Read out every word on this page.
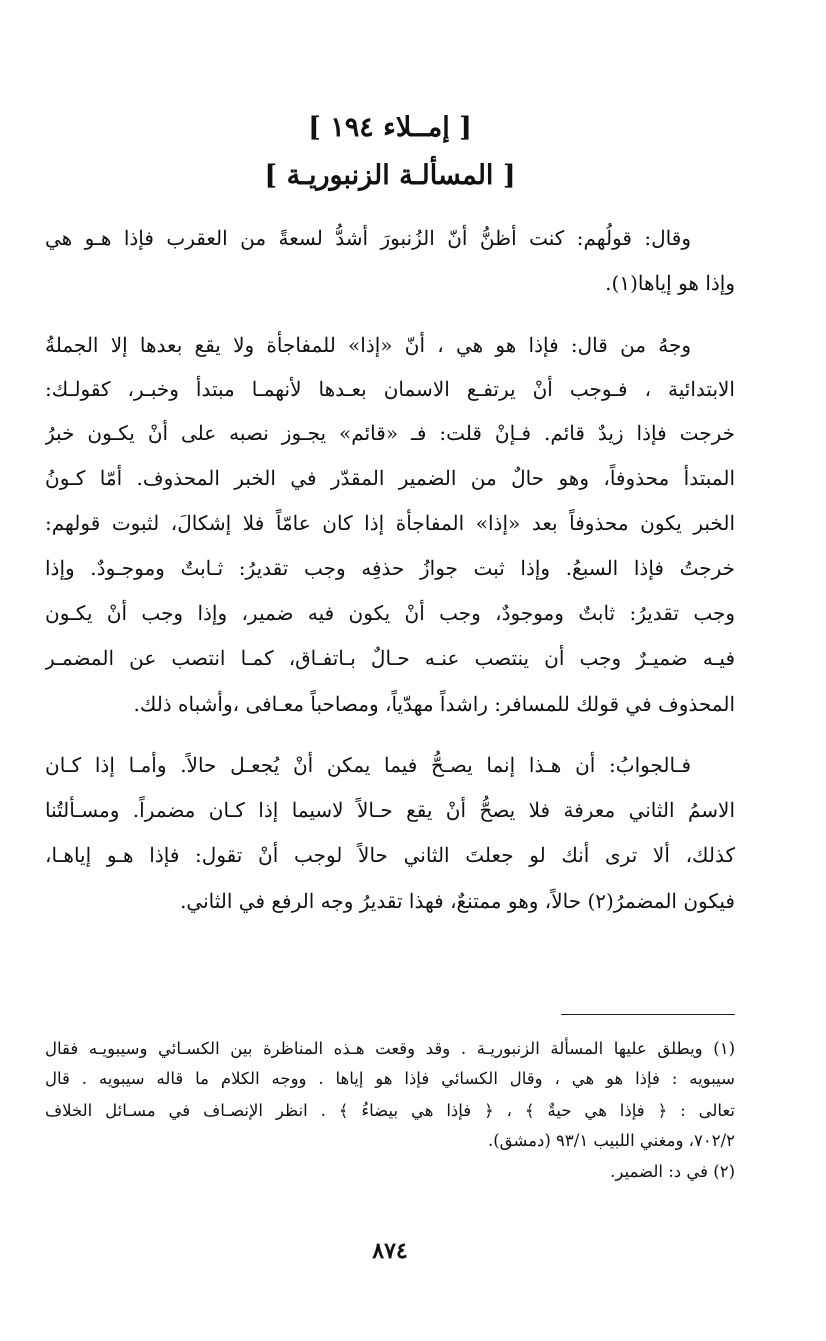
[ إمــلاء ١٩٤ ]
[ المسألـة الزنبوريـة ]
وقال: قولُهم: كنت أظنُّ أنّ الزُنبورَ أشدُّ لسعةً من العقرب فإذا هـو هي
وإذا هو إياها(١).
وجهُ من قال: فإذا هو هي ، أنّ «إذا» للمفاجأة ولا يقع بعدها إلا الجملةُ
الابتدائية ، فـوجب أنْ يرتفـع الاسمان بعـدها لأنهمـا مبتدأ وخبـر، كقولـك:
خرجت فإذا زيدٌ قائم. فـإنْ قلت: فـ «قائم» يجـوز نصبه على أنْ يكـون خبرُ
المبتدأ محذوفاً، وهو حالٌ من الضمير المقدّر في الخبر المحذوف. أمّا كـونُ
الخبر يكون محذوفاً بعد «إذا» المفاجأة إذا كان عامّاً فلا إشكالَ، لثبوت قولهم:
خرجتُ فإذا السبعُ. وإذا ثبت جوازُ حذفِه وجب تقديرُ: ثـابتٌ وموجـودٌ. وإذا
وجب تقديرُ: ثابتٌ وموجودٌ، وجب أنْ يكون فيه ضمير، وإذا وجب أنْ يكـون
فيـه ضميـرٌ وجب أن ينتصب عنـه حـالٌ بـاتفـاق، كمـا انتصب عن المضمـر
المحذوف في قولك للمسافر: راشداً مهدّياً، ومصاحباً معـافى ،وأشباه ذلك.
فـالجوابُ: أن هـذا إنما يصـحُّ فيما يمكن أنْ يُجعـل حالاً. وأمـا إذا كـان
الاسمُ الثاني معرفة فلا يصحُّ أنْ يقع حـالاً لاسيما إذا كـان مضمراً. ومسـألتُنا
كذلك، ألا ترى أنك لو جعلتَ الثاني حالاً لوجب أنْ تقول: فإذا هـو إياهـا،
فيكون المضمرُ(٢) حالاً، وهو ممتنعٌ، فهذا تقديرُ وجه الرفع في الثاني.
(١) ويطلق عليها المسألة الزنبوريـة . وقد وقعت هـذه المناظرة بين الكسـائي وسيبويـه فقال
سيبويه : فإذا هو هي ، وقال الكسائي فإذا هو إياها . ووجه الكلام ما قاله سيبويه . قال
تعالى : ﴿ فإذا هي حيةٌ ﴾ ، ﴿ فإذا هي بيضاءُ ﴾ . انظر الإنصـاف في مسـائل الخلاف
٧٠٢/٢، ومغني اللبيب ٩٣/١ (دمشق).
(٢) في د: الضمير.
٨٧٤
